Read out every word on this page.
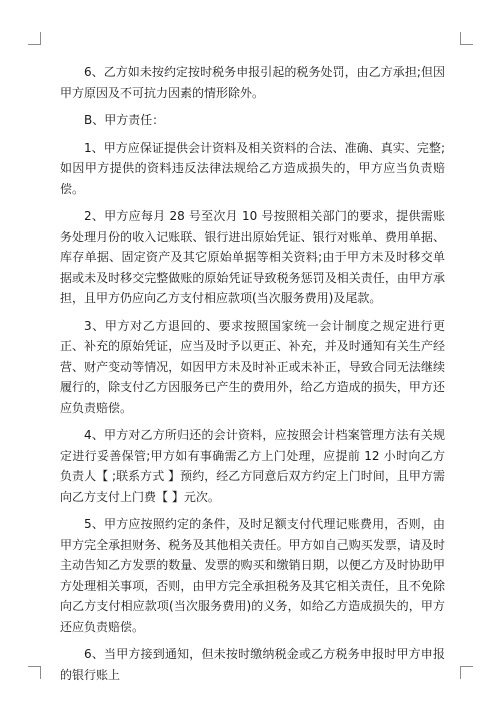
6、乙方如未按约定按时税务申报引起的税务处罚，由乙方承担;但因甲方原因及不可抗力因素的情形除外。

B、甲方责任：

1、甲方应保证提供会计资料及相关资料的合法、准确、真实、完整;如因甲方提供的资料违反法律法规给乙方造成损失的，甲方应当负责赔偿。

2、甲方应每月 28 号至次月 10 号按照相关部门的要求，提供需账务处理月份的收入记账联、银行进出原始凭证、银行对账单、费用单据、库存单据、固定资产及其它原始单据等相关资料;由于甲方未及时移交单据或未及时移交完整做账的原始凭证导致税务惩罚及相关责任，由甲方承担，且甲方仍应向乙方支付相应款项(当次服务费用)及尾款。

3、甲方对乙方退回的、要求按照国家统一会计制度之规定进行更正、补充的原始凭证，应当及时予以更正、补充，并及时通知有关生产经营、财产变动等情况，如因甲方未及时补正或未补正，导致合同无法继续履行的，除支付乙方因服务已产生的费用外，给乙方造成的损失，甲方还应负责赔偿。

4、甲方对乙方所归还的会计资料，应按照会计档案管理方法有关规定进行妥善保管;甲方如有事确需乙方上门处理，应提前 12 小时向乙方负责人【 ;联系方式 】预约，经乙方同意后双方约定上门时间，且甲方需向乙方支付上门费【 】元次。

5、甲方应按照约定的条件，及时足额支付代理记账费用，否则，由甲方完全承担财务、税务及其他相关责任。甲方如自己购买发票，请及时主动告知乙方发票的数量、发票的购买和缴销日期，以便乙方及时协助甲方处理相关事项，否则，由甲方完全承担税务及其它相关责任，且不免除向乙方支付相应款项(当次服务费用)的义务，如给乙方造成损失的，甲方还应负责赔偿。

6、当甲方接到通知，但未按时缴纳税金或乙方税务申报时甲方申报的银行账上
